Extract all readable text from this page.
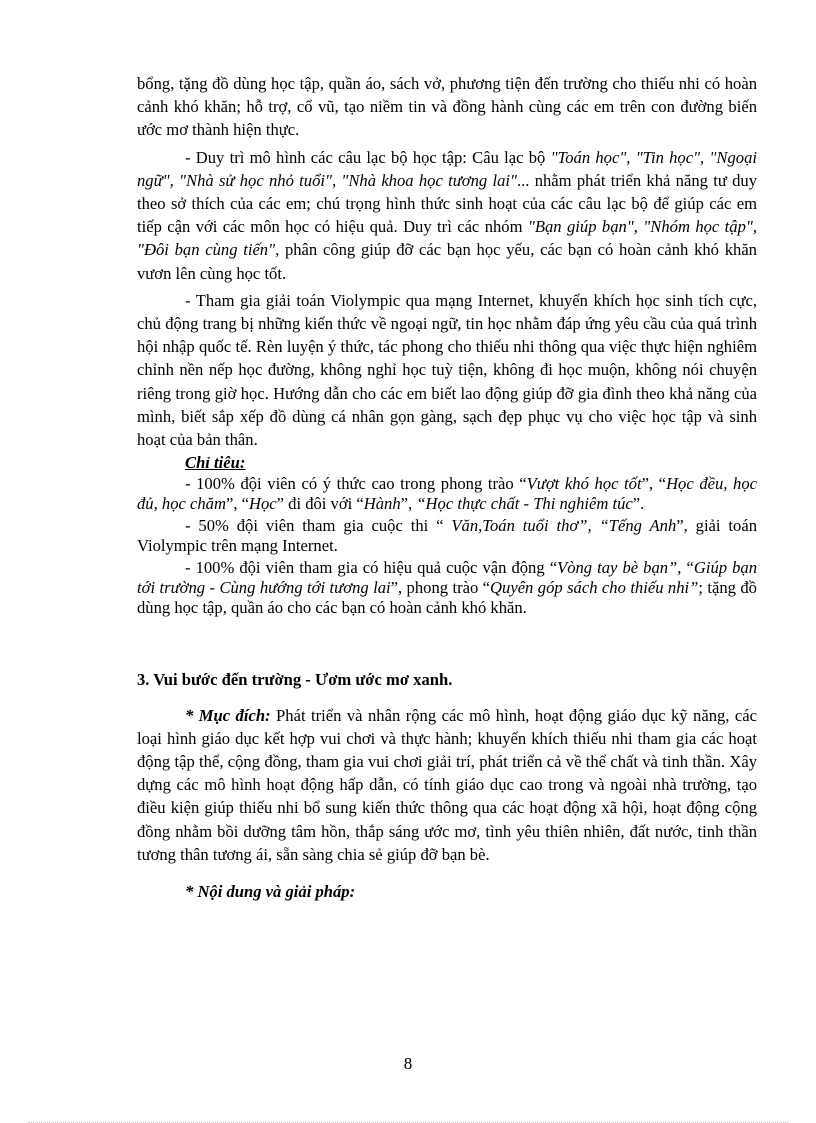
bổng, tặng đồ dùng học tập, quần áo, sách vở, phương tiện đến trường cho thiếu nhi có hoàn cảnh khó khăn; hỗ trợ, cổ vũ, tạo niềm tin và đồng hành cùng các em trên con đường biến ước mơ thành hiện thực.

- Duy trì mô hình các câu lạc bộ học tập: Câu lạc bộ "Toán học", "Tin học", "Ngoại ngữ", "Nhà sử học nhỏ tuổi", "Nhà khoa học tương lai"... nhằm phát triển khả năng tư duy theo sở thích của các em; chú trọng hình thức sinh hoạt của các câu lạc bộ để giúp các em tiếp cận với các môn học có hiệu quả. Duy trì các nhóm "Bạn giúp bạn", "Nhóm học tập", "Đôi bạn cùng tiến", phân công giúp đỡ các bạn học yếu, các bạn có hoàn cảnh khó khăn vươn lên cùng học tốt.

- Tham gia giải toán Violympic qua mạng Internet, khuyến khích học sinh tích cực, chủ động trang bị những kiến thức về ngoại ngữ, tin học nhằm đáp ứng yêu cầu của quá trình hội nhập quốc tế. Rèn luyện ý thức, tác phong cho thiếu nhi thông qua việc thực hiện nghiêm chỉnh nền nếp học đường, không nghỉ học tuỳ tiện, không đi học muộn, không nói chuyện riêng trong giờ học. Hướng dẫn cho các em biết lao động giúp đỡ gia đình theo khả năng của mình, biết sắp xếp đồ dùng cá nhân gọn gàng, sạch đẹp phục vụ cho việc học tập và sinh hoạt của bản thân.

Chỉ tiêu:

- 100% đội viên có ý thức cao trong phong trào “Vượt khó học tốt”, “Học đều, học đủ, học chăm”, “Học” đi đôi với “Hành”, “Học thực chất - Thi nghiêm túc”.

- 50% đội viên tham gia cuộc thi “ Văn,Toán tuổi thơ”, “Tếng Anh”, giải toán Violympic trên mạng Internet.

- 100% đội viên tham gia có hiệu quả cuộc vận động “Vòng tay bè bạn”, “Giúp bạn tới trường - Cùng hướng tới tương lai”, phong trào “Quyên góp sách cho thiếu nhi”; tặng đồ dùng học tập, quần áo cho các bạn có hoàn cảnh khó khăn.

3. Vui bước đến trường - Ươm ước mơ xanh.

* Mục đích: Phát triển và nhân rộng các mô hình, hoạt động giáo dục kỹ năng, các loại hình giáo dục kết hợp vui chơi và thực hành; khuyến khích thiếu nhi tham gia các hoạt động tập thể, cộng đồng, tham gia vui chơi giải trí, phát triển cả về thể chất và tinh thần. Xây dựng các mô hình hoạt động hấp dẫn, có tính giáo dục cao trong và ngoài nhà trường, tạo điều kiện giúp thiếu nhi bổ sung kiến thức thông qua các hoạt động xã hội, hoạt động cộng đồng nhằm bồi dưỡng tâm hồn, thắp sáng ước mơ, tình yêu thiên nhiên, đất nước, tinh thần tương thân tương ái, sẵn sàng chia sẻ giúp đỡ bạn bè.

* Nội dung và giải pháp:

8
